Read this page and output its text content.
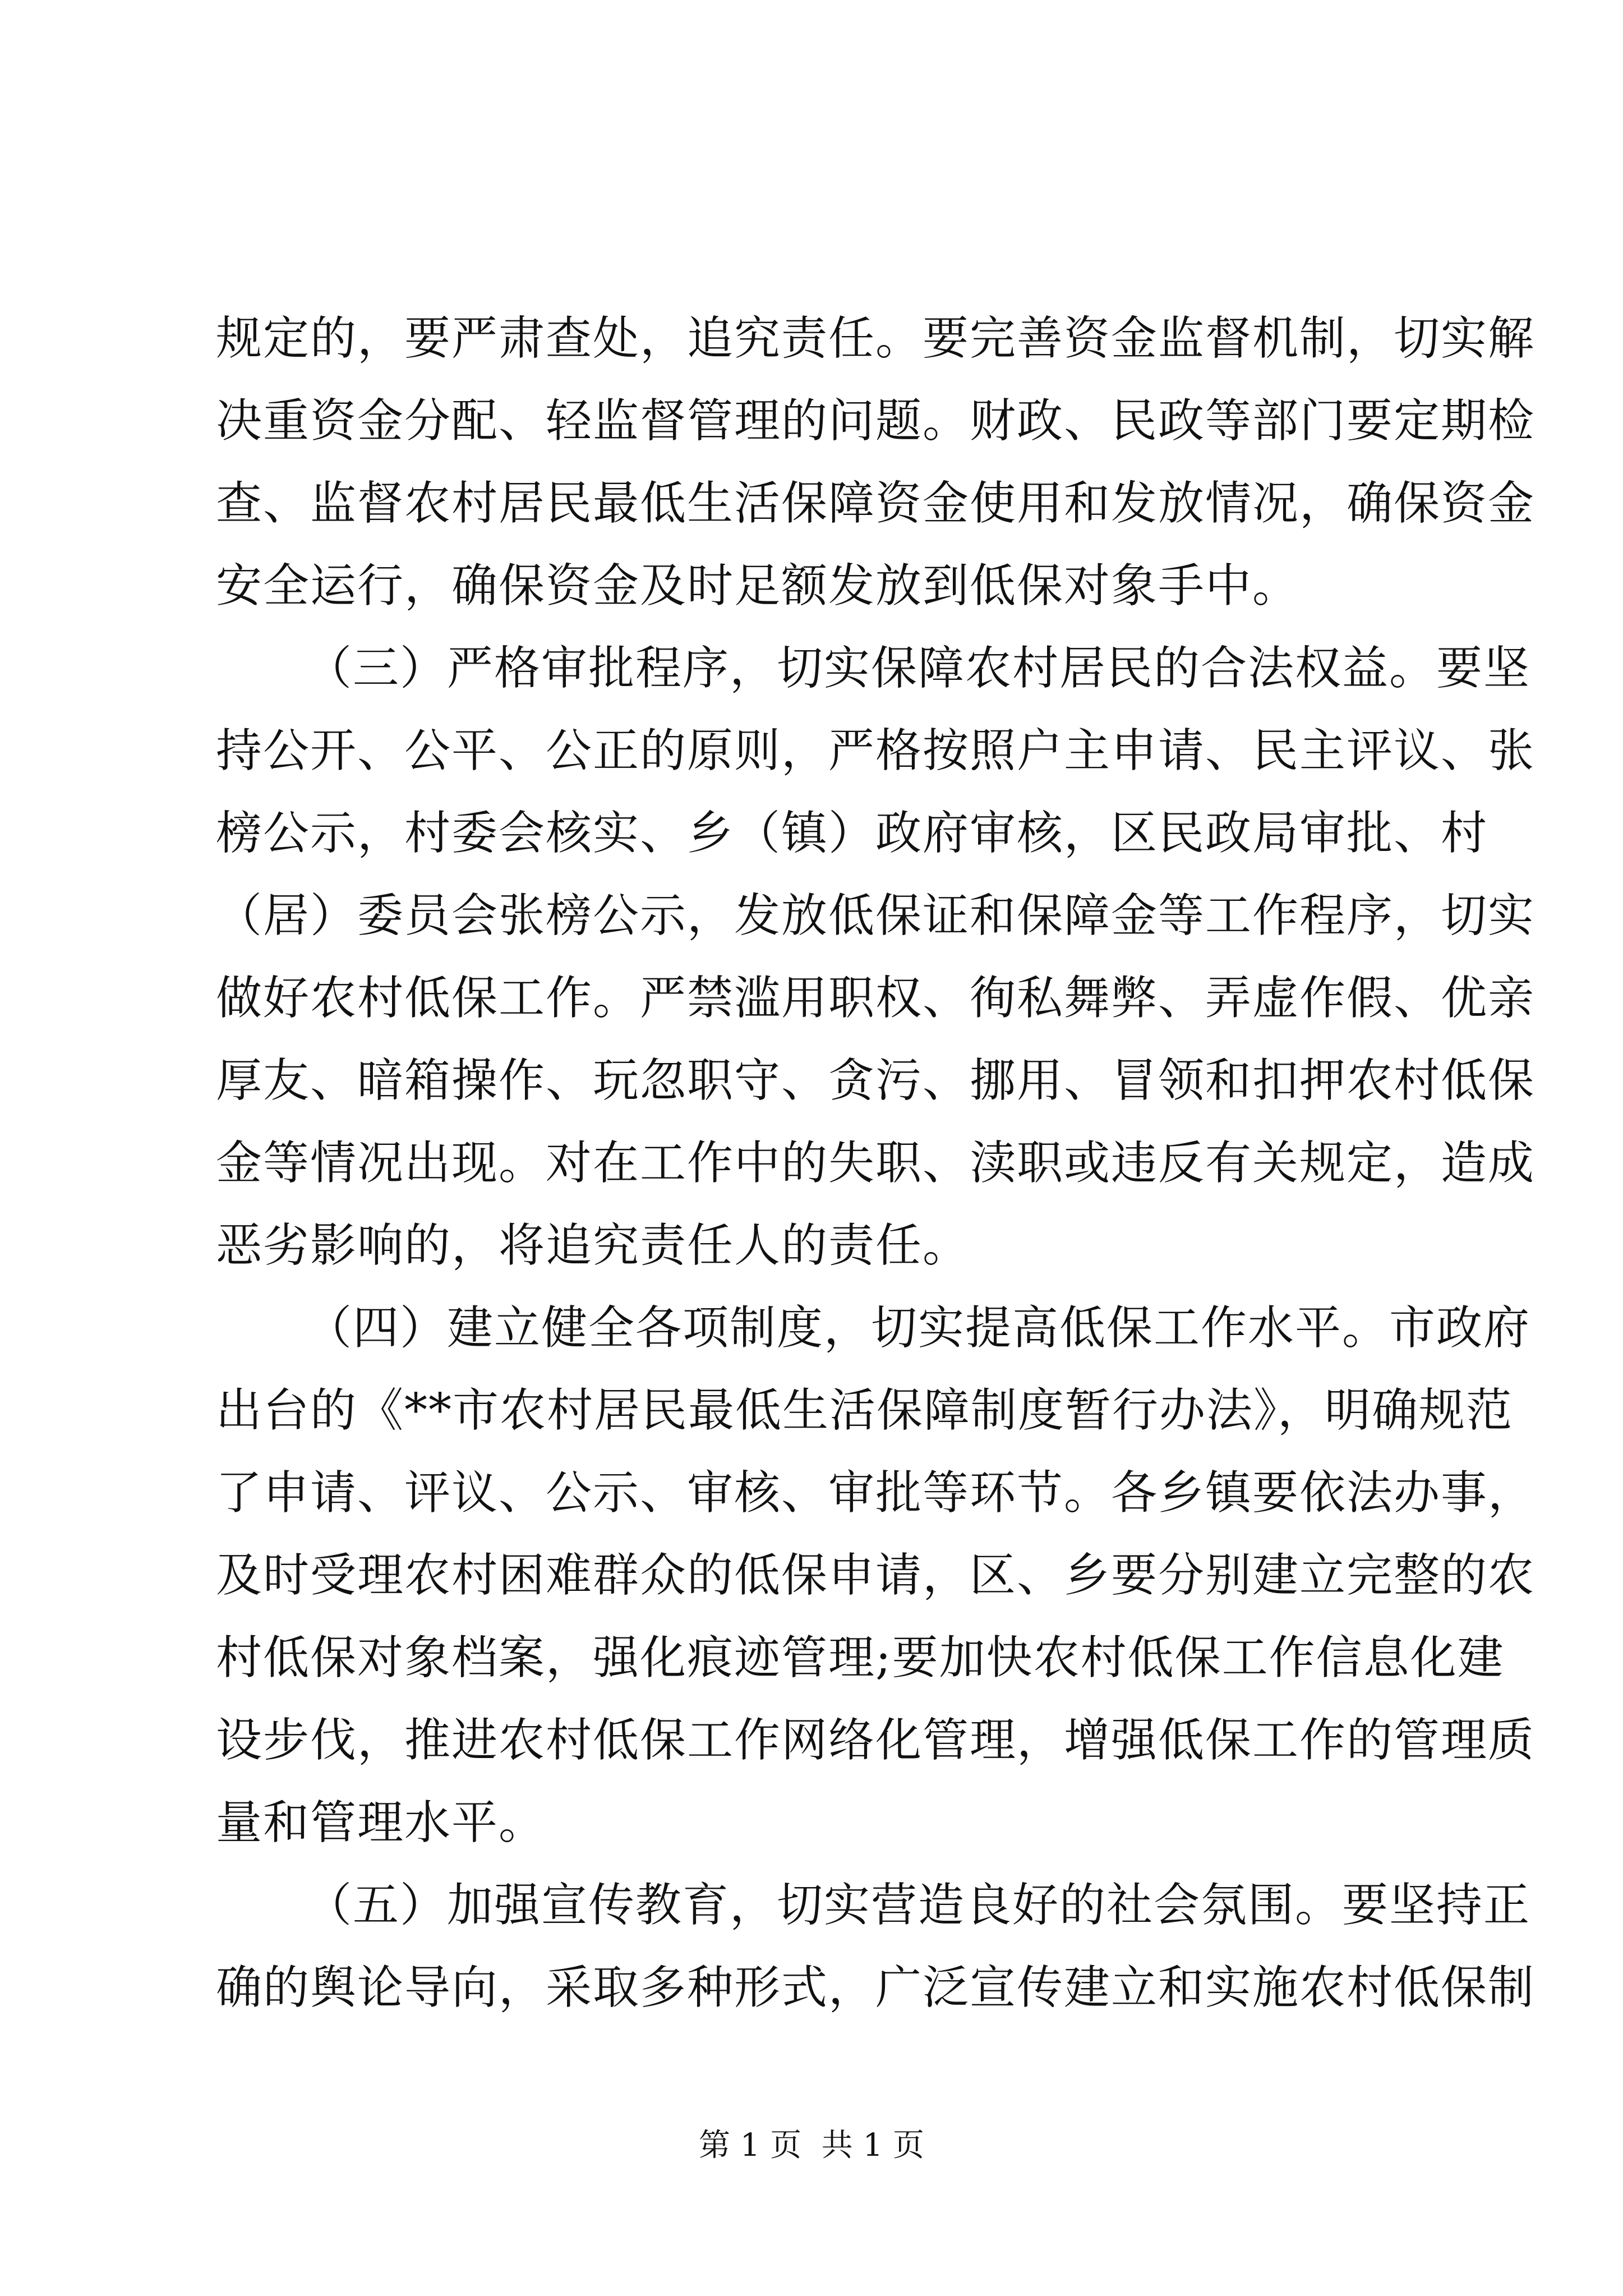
规定的，要严肃查处，追究责任。要完善资金监督机制，切实解
决重资金分配、轻监督管理的问题。财政、民政等部门要定期检
查、监督农村居民最低生活保障资金使用和发放情况，确保资金
安全运行，确保资金及时足额发放到低保对象手中。
（三）严格审批程序，切实保障农村居民的合法权益。要坚
持公开、公平、公正的原则，严格按照户主申请、民主评议、张
榜公示，村委会核实、乡（镇）政府审核，区民政局审批、村
（居）委员会张榜公示，发放低保证和保障金等工作程序，切实
做好农村低保工作。严禁滥用职权、徇私舞弊、弄虚作假、优亲
厚友、暗箱操作、玩忽职守、贪污、挪用、冒领和扣押农村低保
金等情况出现。对在工作中的失职、渎职或违反有关规定，造成
恶劣影响的，将追究责任人的责任。
（四）建立健全各项制度，切实提高低保工作水平。市政府
出台的《**市农村居民最低生活保障制度暂行办法》，明确规范
了申请、评议、公示、审核、审批等环节。各乡镇要依法办事，
及时受理农村困难群众的低保申请，区、乡要分别建立完整的农
村低保对象档案，强化痕迹管理;要加快农村低保工作信息化建
设步伐，推进农村低保工作网络化管理，增强低保工作的管理质
量和管理水平。
（五）加强宣传教育，切实营造良好的社会氛围。要坚持正
确的舆论导向，采取多种形式，广泛宣传建立和实施农村低保制
第 1 页  共 1 页
